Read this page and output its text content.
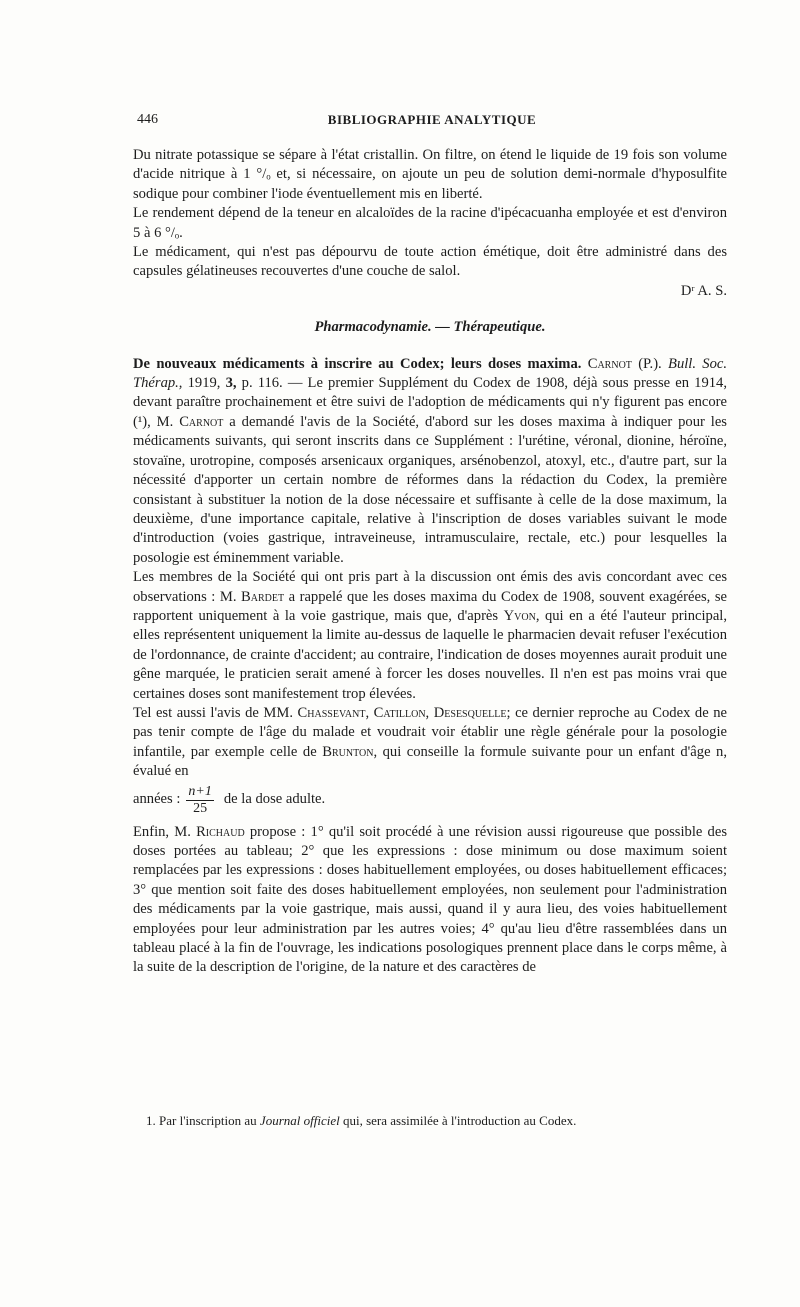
446	BIBLIOGRAPHIE ANALYTIQUE

Du nitrate potassique se sépare à l'état cristallin. On filtre, on étend le liquide de 19 fois son volume d'acide nitrique à 1 °/ₒ et, si nécessaire, on ajoute un peu de solution demi-normale d'hyposulfite sodique pour combiner l'iode éventuellement mis en liberté.

Le rendement dépend de la teneur en alcaloïdes de la racine d'ipécacuanha employée et est d'environ 5 à 6 °/ₒ.

Le médicament, qui n'est pas dépourvu de toute action émétique, doit être administré dans des capsules gélatineuses recouvertes d'une couche de salol.

Dʳ A. S.

Pharmacodynamie. — Thérapeutique.

De nouveaux médicaments à inscrire au Codex; leurs doses maxima. Carnot (P.). Bull. Soc. Thérap., 1919, 3, p. 116. — Le premier Supplément du Codex de 1908, déjà sous presse en 1914, devant paraître prochainement et être suivi de l'adoption de médicaments qui n'y figurent pas encore (¹), M. Carnot a demandé l'avis de la Société, d'abord sur les doses maxima à indiquer pour les médicaments suivants, qui seront inscrits dans ce Supplément : l'urétine, véronal, dionine, héroïne, stovaïne, urotropine, composés arsenicaux organiques, arsénobenzol, atoxyl, etc., d'autre part, sur la nécessité d'apporter un certain nombre de réformes dans la rédaction du Codex, la première consistant à substituer la notion de la dose nécessaire et suffisante à celle de la dose maximum, la deuxième, d'une importance capitale, relative à l'inscription de doses variables suivant le mode d'introduction (voies gastrique, intraveineuse, intramusculaire, rectale, etc.) pour lesquelles la posologie est éminemment variable.

Les membres de la Société qui ont pris part à la discussion ont émis des avis concordant avec ces observations : M. Bardet a rappelé que les doses maxima du Codex de 1908, souvent exagérées, se rapportent uniquement à la voie gastrique, mais que, d'après Yvon, qui en a été l'auteur principal, elles représentent uniquement la limite au-dessus de laquelle le pharmacien devait refuser l'exécution de l'ordonnance, de crainte d'accident; au contraire, l'indication de doses moyennes aurait produit une gêne marquée, le praticien serait amené à forcer les doses nouvelles. Il n'en est pas moins vrai que certaines doses sont manifestement trop élevées.

Tel est aussi l'avis de MM. Chassevant, Catillon, Desesquelle; ce dernier reproche au Codex de ne pas tenir compte de l'âge du malade et voudrait voir établir une règle générale pour la posologie infantile, par exemple celle de Brunton, qui conseille la formule suivante pour un enfant d'âge n, évalué en

années : $\frac{n+1}{25}$ de la dose adulte.

Enfin, M. Richaud propose : 1° qu'il soit procédé à une révision aussi rigoureuse que possible des doses portées au tableau; 2° que les expressions : dose minimum ou dose maximum soient remplacées par les expressions : doses habituellement employées, ou doses habituellement efficaces; 3° que mention soit faite des doses habituellement employées, non seulement pour l'administration des médicaments par la voie gastrique, mais aussi, quand il y aura lieu, des voies habituellement employées pour leur administration par les autres voies; 4° qu'au lieu d'être rassemblées dans un tableau placé à la fin de l'ouvrage, les indications posologiques prennent place dans le corps même, à la suite de la description de l'origine, de la nature et des caractères de

1. Par l'inscription au Journal officiel qui, sera assimilée à l'introduction au Codex.
